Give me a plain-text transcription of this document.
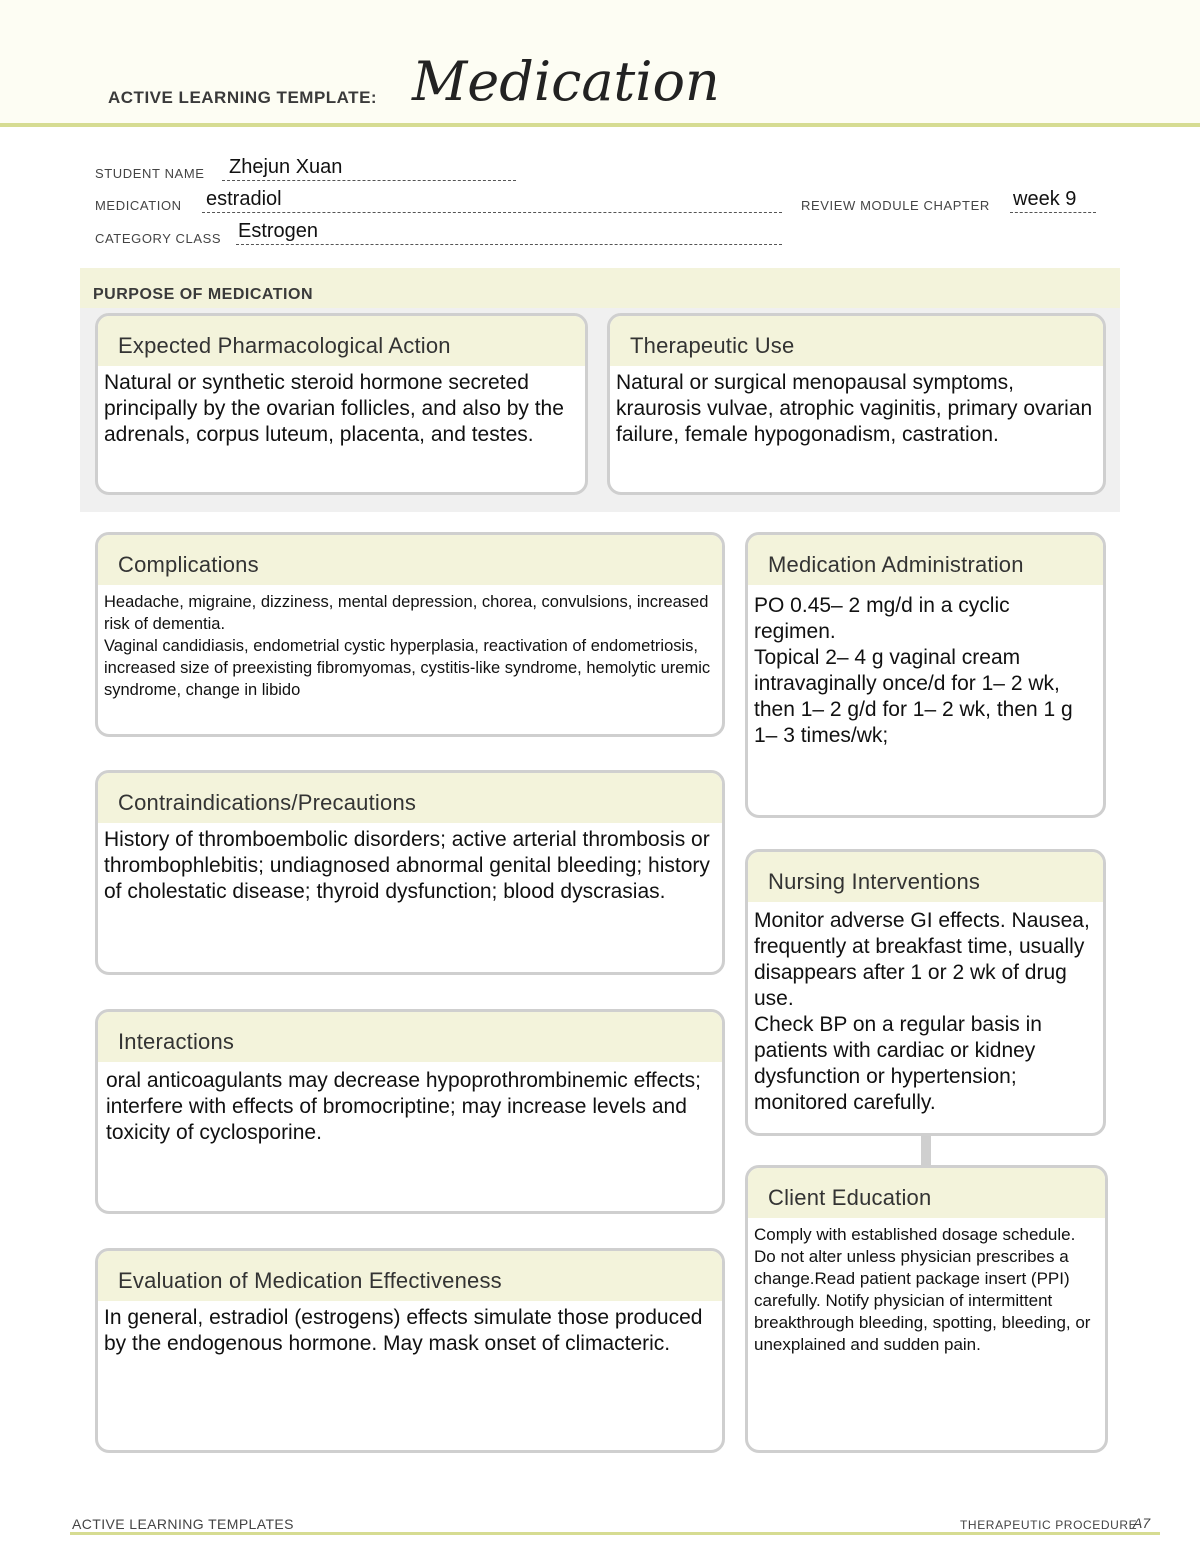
ACTIVE LEARNING TEMPLATE: Medication
STUDENT NAME Zhejun Xuan
MEDICATION estradiol	REVIEW MODULE CHAPTER week 9
CATEGORY CLASS Estrogen
PURPOSE OF MEDICATION
Expected Pharmacological Action
Natural or synthetic steroid hormone secreted principally by the ovarian follicles, and also by the adrenals, corpus luteum, placenta, and testes.
Therapeutic Use
Natural or surgical menopausal symptoms, kraurosis vulvae, atrophic vaginitis, primary ovarian failure, female hypogonadism, castration.
Complications

Headache, migraine, dizziness, mental depression, chorea, convulsions, increased risk of dementia.

Vaginal candidiasis, endometrial cystic hyperplasia, reactivation of endometriosis, increased size of preexisting fibromyomas, cystitis-like syndrome, hemolytic uremic syndrome, change in libido

Medication Administration

PO 0.45– 2 mg/d in a cyclic regimen.

Topical 2– 4 g vaginal cream intravaginally once/d for 1– 2 wk, then 1– 2 g/d for 1– 2 wk, then 1 g 1– 3 times/wk;

Contraindications/Precautions
History of thromboembolic disorders; active arterial thrombosis or thrombophlebitis; undiagnosed abnormal genital bleeding; history of cholestatic disease; thyroid dysfunction; blood dyscrasias.	Nursing Interventions

Monitor adverse GI effects. Nausea, frequently at breakfast time, usually disappears after 1 or 2 wk of drug use.

Check BP on a regular basis in patients with cardiac or kidney dysfunction or hypertension; monitored carefully.

Interactions
oral anticoagulants may decrease hypoprothrombinemic effects; interfere with effects of bromocriptine; may increase levels and toxicity of cyclosporine.
Client Education
Comply with established dosage schedule. Do not alter unless physician prescribes a change.Read patient package insert (PPI) carefully. Notify physician of intermittent breakthrough bleeding, spotting, bleeding, or unexplained and sudden pain.
Evaluation of Medication Effectiveness
In general, estradiol (estrogens) effects simulate those produced by the endogenous hormone. May mask onset of climacteric.
ACTIVE LEARNING TEMPLATES	THERAPEUTIC PROCEDURE
A7
